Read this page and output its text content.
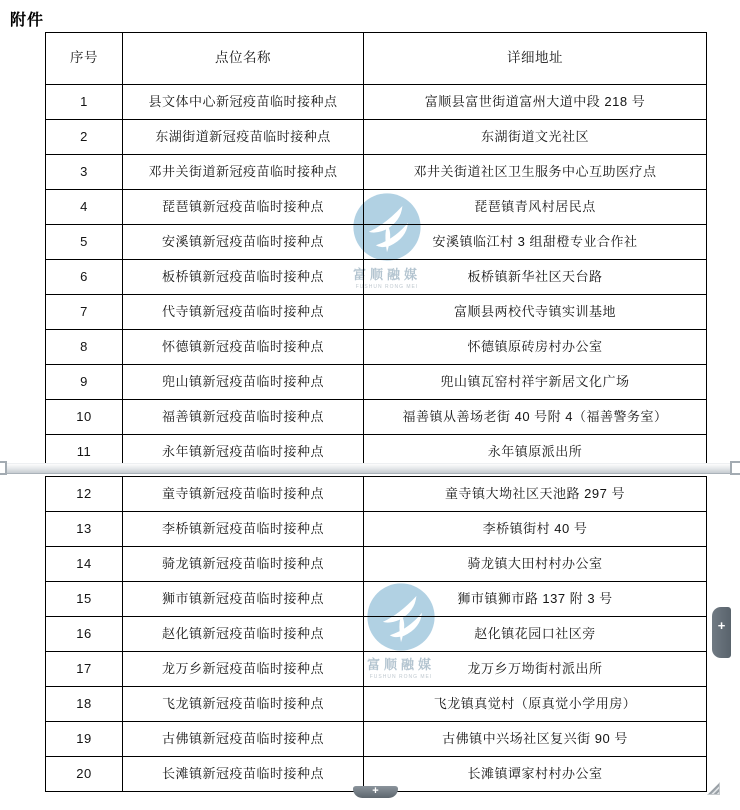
附件
富顺融媒
FUSHUN RONG MEI
富顺融媒
FUSHUN RONG MEI
序号	点位名称	详细地址
1	县文体中心新冠疫苗临时接种点	富顺县富世街道富州大道中段 218 号
2	东湖街道新冠疫苗临时接种点	东湖街道文光社区
3	邓井关街道新冠疫苗临时接种点	邓井关街道社区卫生服务中心互助医疗点
4	琵琶镇新冠疫苗临时接种点	琵琶镇青风村居民点
5	安溪镇新冠疫苗临时接种点	安溪镇临江村 3 组甜橙专业合作社
6	板桥镇新冠疫苗临时接种点	板桥镇新华社区天台路
7	代寺镇新冠疫苗临时接种点	富顺县两校代寺镇实训基地
8	怀德镇新冠疫苗临时接种点	怀德镇原砖房村办公室
9	兜山镇新冠疫苗临时接种点	兜山镇瓦窑村祥宇新居文化广场
10	福善镇新冠疫苗临时接种点	福善镇从善场老街 40 号附 4（福善警务室）
11	永年镇新冠疫苗临时接种点	永年镇原派出所
12	童寺镇新冠疫苗临时接种点	童寺镇大坳社区天池路 297 号
13	李桥镇新冠疫苗临时接种点	李桥镇街村 40 号
14	骑龙镇新冠疫苗临时接种点	骑龙镇大田村村办公室
15	狮市镇新冠疫苗临时接种点	狮市镇狮市路 137 附 3 号
16	赵化镇新冠疫苗临时接种点	赵化镇花园口社区旁
17	龙万乡新冠疫苗临时接种点	龙万乡万坳街村派出所
18	飞龙镇新冠疫苗临时接种点	飞龙镇真觉村（原真觉小学用房）
19	古佛镇新冠疫苗临时接种点	古佛镇中兴场社区复兴街 90 号
20	长滩镇新冠疫苗临时接种点	长滩镇谭家村村办公室
+
+
